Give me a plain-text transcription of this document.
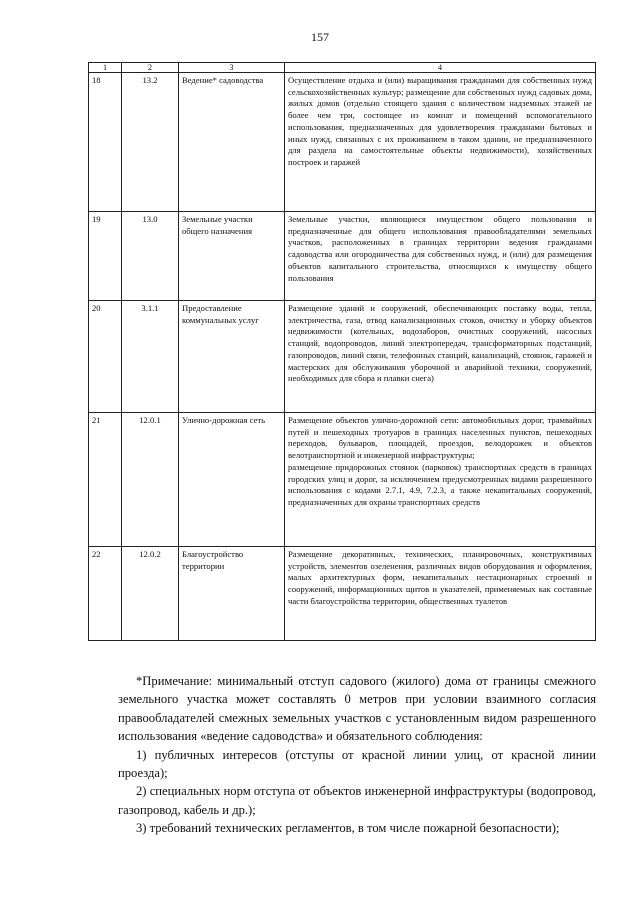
157
1	2	3	4
18	13.2	Ведение* садоводства	Осуществление отдыха и (или) выращивания гражданами для собственных нужд сельскохозяйственных культур; размещение для собственных нужд садовых дома, жилых домов (отдельно стоящего здания с количеством надземных этажей не более чем три, состоящее из комнат и помещений вспомогательного использования, предназначенных для удовлетворения гражданами бытовых и иных нужд, связанных с их проживанием в таком здании, не предназначенного для раздела на самостоятельные объекты недвижимости), хозяйственных построек и гаражей
19	13.0	Земельные участки общего назначения	Земельные участки, являющиеся имуществом общего пользования и предназначенные для общего использования правообладателями земельных участков, расположенных в границах территории ведения гражданами садоводства или огородничества для собственных нужд, и (или) для размещения объектов капитального строительства, относящихся к имуществу общего пользования
20	3.1.1	Предоставление коммунальных услуг	Размещение зданий и сооружений, обеспечивающих поставку воды, тепла, электричества, газа, отвод канализационных стоков, очистку и уборку объектов недвижимости (котельных, водозаборов, очистных сооружений, насосных станций, водопроводов, линий электропередач, трансформаторных подстанций, газопроводов, линий связи, телефонных станций, канализаций, стоянок, гаражей и мастерских для обслуживания уборочной и аварийной техники, сооружений, необходимых для сбора и плавки снега)
21	12.0.1	Улично-дорожная сеть	Размещение объектов улично-дорожной сети: автомобильных дорог, трамвайных путей и пешеходных тротуаров в границах населенных пунктов, пешеходных переходов, бульваров, площадей, проездов, велодорожек и объектов велотранспортной и инженерной инфраструктуры;
размещение придорожных стоянок (парковок) транспортных средств в границах городских улиц и дорог, за исключением предусмотренных видами разрешенного использования с кодами 2.7.1, 4.9, 7.2.3, а также некапитальных сооружений, предназначенных для охраны транспортных средств

22	12.0.2	Благоустройство территории	Размещение декоративных, технических, планировочных, конструктивных устройств, элементов озеленения, различных видов оборудования и оформления, малых архитектурных форм, некапитальных нестационарных строений и сооружений, информационных щитов и указателей, применяемых как составные части благоустройства территории, общественных туалетов

*Примечание: минимальный отступ садового (жилого) дома от границы смежного земельного участка может составлять 0 метров при условии взаимного согласия правообладателей смежных земельных участков с установленным видом разрешенного использования «ведение садоводства» и обязательного соблюдения:

1) публичных интересов (отступы от красной линии улиц, от красной линии проезда);

2) специальных норм отступа от объектов инженерной инфраструктуры (водопровод, газопровод, кабель и др.);

3) требований технических регламентов, в том числе пожарной безопасности);
